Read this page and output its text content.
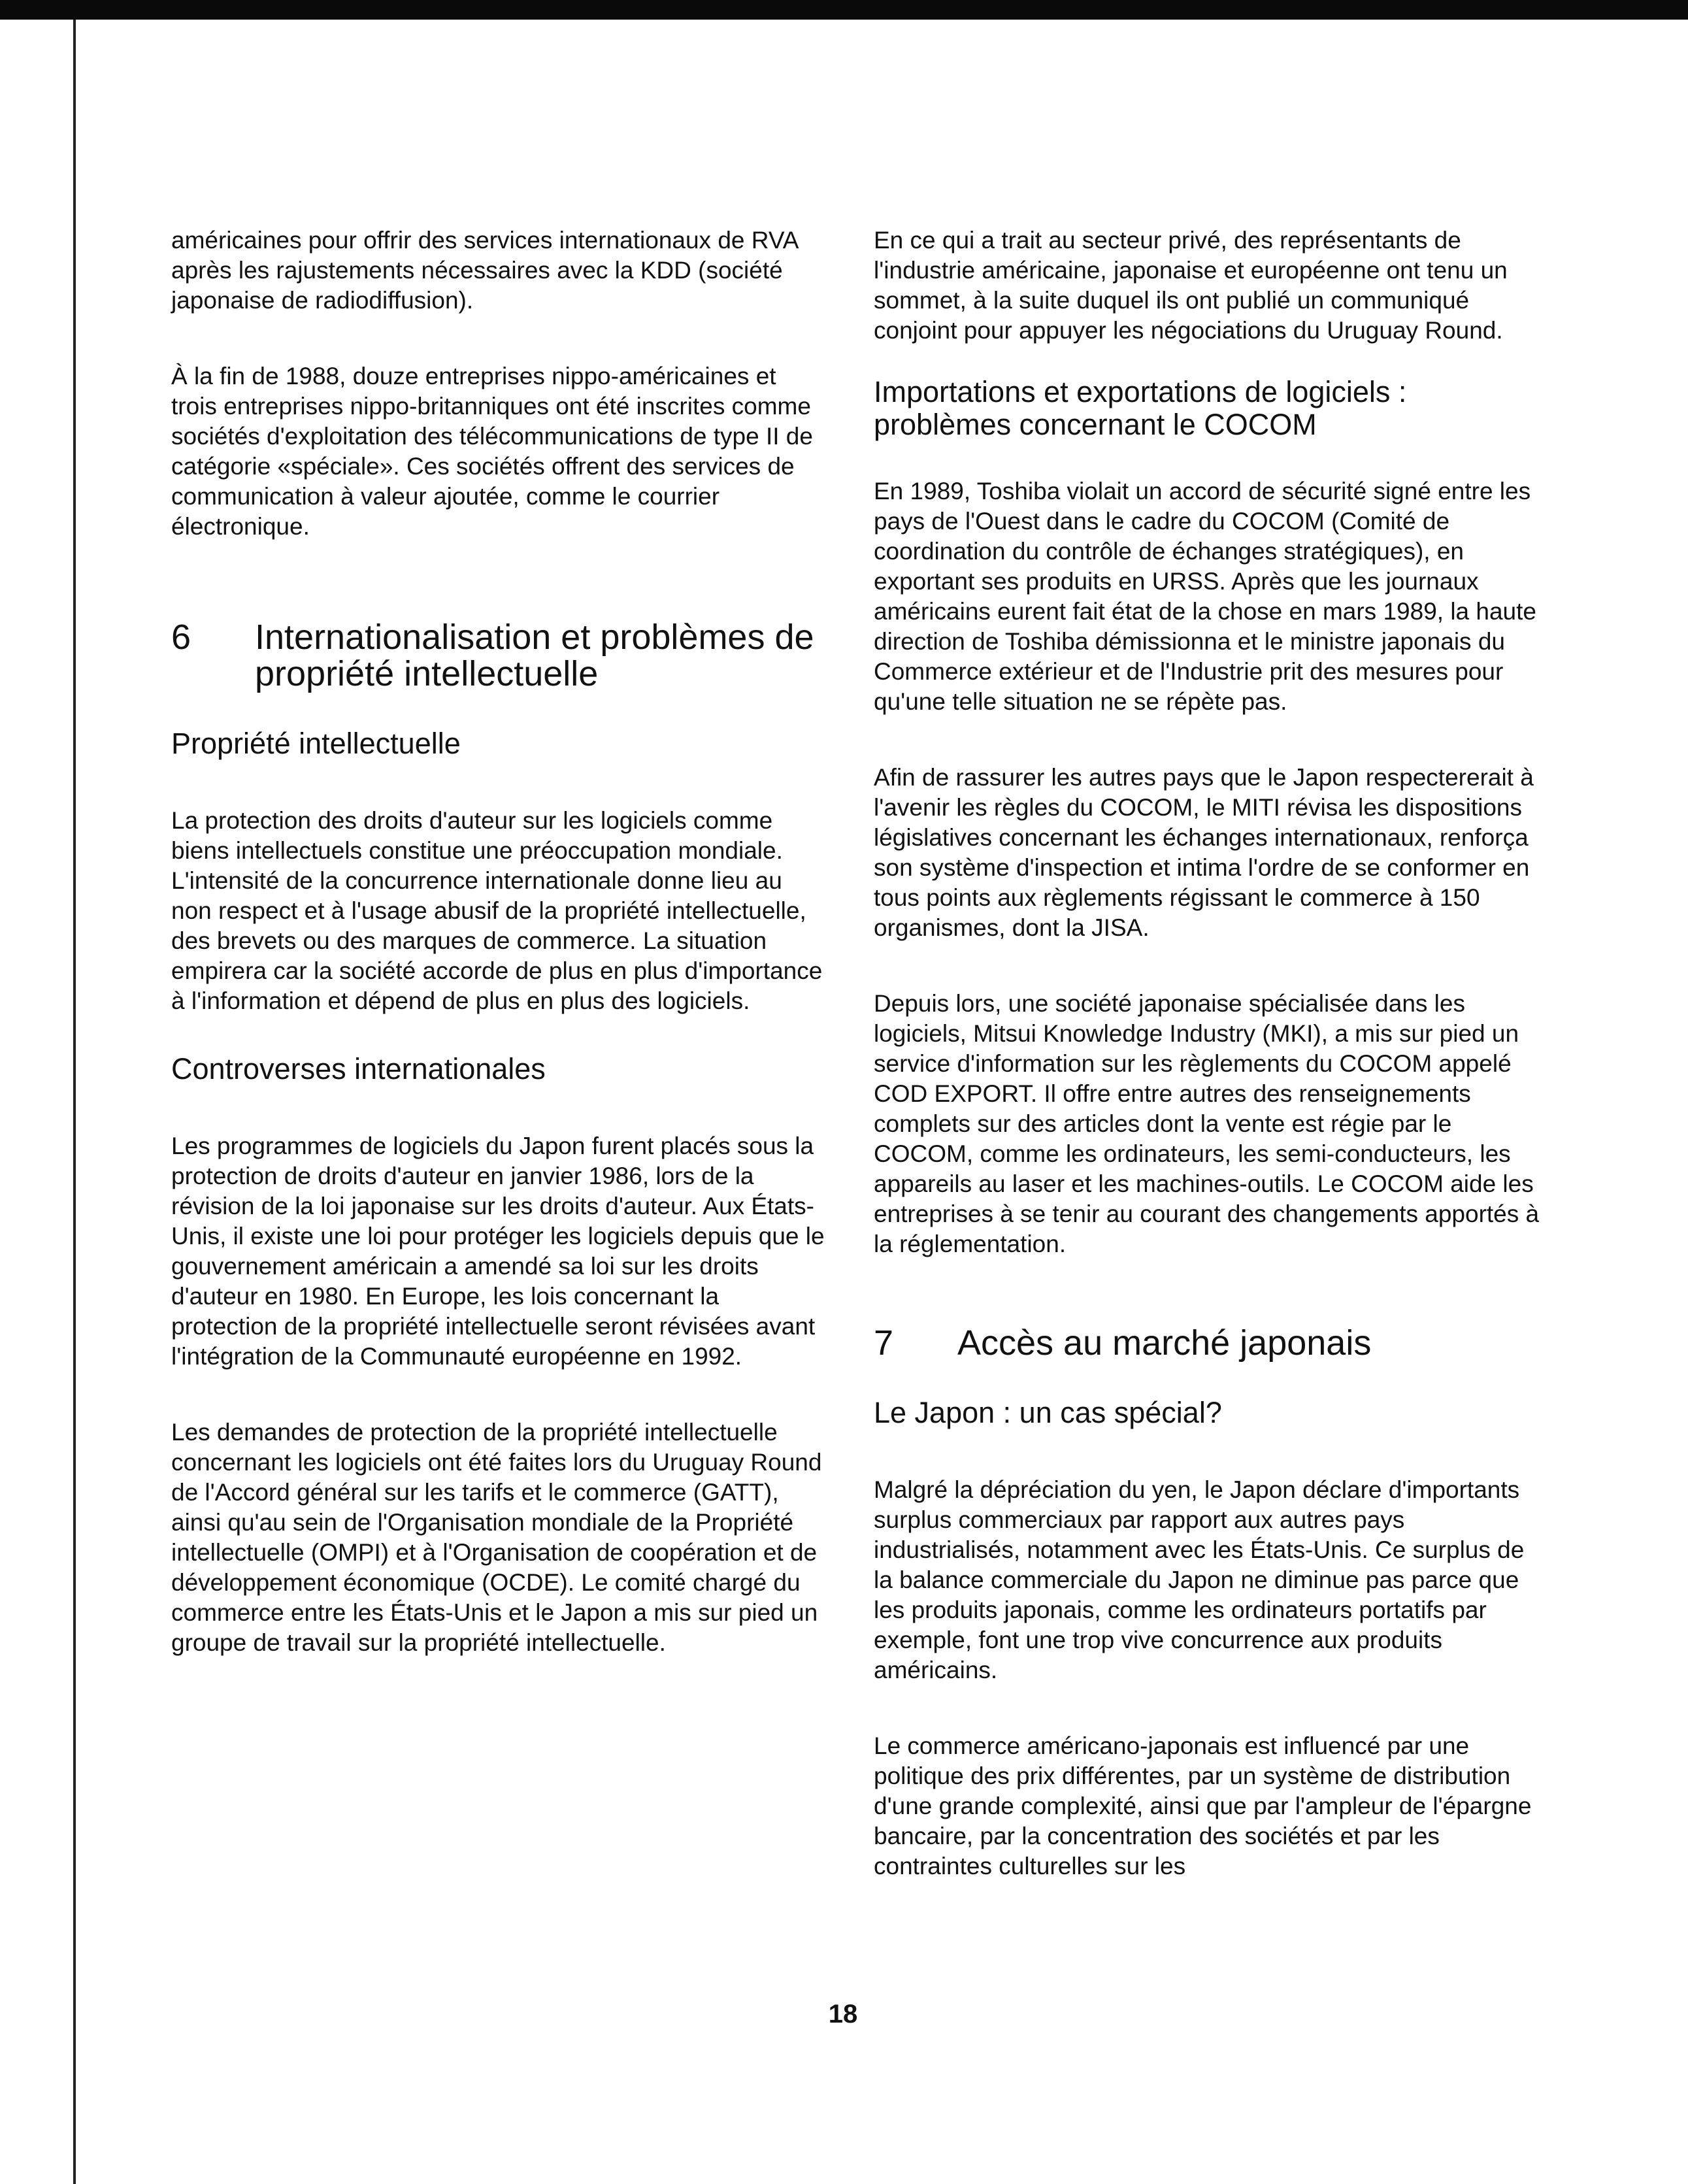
américaines pour offrir des services internationaux de RVA après les rajustements nécessaires avec la KDD (société japonaise de radiodiffusion).

À la fin de 1988, douze entreprises nippo-américaines et trois entreprises nippo-britanniques ont été inscrites comme sociétés d'exploitation des télécommunications de type II de catégorie «spéciale». Ces sociétés offrent des services de communication à valeur ajoutée, comme le courrier électronique.

6	Internationalisation et problèmes de propriété intellectuelle
Propriété intellectuelle

La protection des droits d'auteur sur les logiciels comme biens intellectuels constitue une préoccupation mondiale. L'intensité de la concurrence internationale donne lieu au non respect et à l'usage abusif de la propriété intellectuelle, des brevets ou des marques de commerce. La situation empirera car la société accorde de plus en plus d'importance à l'information et dépend de plus en plus des logiciels.

Controverses internationales

Les programmes de logiciels du Japon furent placés sous la protection de droits d'auteur en janvier 1986, lors de la révision de la loi japonaise sur les droits d'auteur. Aux États-Unis, il existe une loi pour protéger les logiciels depuis que le gouvernement américain a amendé sa loi sur les droits d'auteur en 1980. En Europe, les lois concernant la protection de la propriété intellectuelle seront révisées avant l'intégration de la Communauté européenne en 1992.

Les demandes de protection de la propriété intellectuelle concernant les logiciels ont été faites lors du Uruguay Round de l'Accord général sur les tarifs et le commerce (GATT), ainsi qu'au sein de l'Organisation mondiale de la Propriété intellectuelle (OMPI) et à l'Organisation de coopération et de développement économique (OCDE). Le comité chargé du commerce entre les États-Unis et le Japon a mis sur pied un groupe de travail sur la propriété intellectuelle.

En ce qui a trait au secteur privé, des représentants de l'industrie américaine, japonaise et européenne ont tenu un sommet, à la suite duquel ils ont publié un communiqué conjoint pour appuyer les négociations du Uruguay Round.

Importations et exportations de logiciels : problèmes concernant le COCOM

En 1989, Toshiba violait un accord de sécurité signé entre les pays de l'Ouest dans le cadre du COCOM (Comité de coordination du contrôle de échanges stratégiques), en exportant ses produits en URSS. Après que les journaux américains eurent fait état de la chose en mars 1989, la haute direction de Toshiba démissionna et le ministre japonais du Commerce extérieur et de l'Industrie prit des mesures pour qu'une telle situation ne se répète pas.

Afin de rassurer les autres pays que le Japon respectererait à l'avenir les règles du COCOM, le MITI révisa les dispositions législatives concernant les échanges internationaux, renforça son système d'inspection et intima l'ordre de se conformer en tous points aux règlements régissant le commerce à 150 organismes, dont la JISA.

Depuis lors, une société japonaise spécialisée dans les logiciels, Mitsui Knowledge Industry (MKI), a mis sur pied un service d'information sur les règlements du COCOM appelé COD EXPORT. Il offre entre autres des renseignements complets sur des articles dont la vente est régie par le COCOM, comme les ordinateurs, les semi-conducteurs, les appareils au laser et les machines-outils. Le COCOM aide les entreprises à se tenir au courant des changements apportés à la réglementation.

7	Accès au marché japonais
Le Japon : un cas spécial?

Malgré la dépréciation du yen, le Japon déclare d'importants surplus commerciaux par rapport aux autres pays industrialisés, notamment avec les États-Unis. Ce surplus de la balance commerciale du Japon ne diminue pas parce que les produits japonais, comme les ordinateurs portatifs par exemple, font une trop vive concurrence aux produits américains.

Le commerce américano-japonais est influencé par une politique des prix différentes, par un système de distribution d'une grande complexité, ainsi que par l'ampleur de l'épargne bancaire, par la concentration des sociétés et par les contraintes culturelles sur les

18
